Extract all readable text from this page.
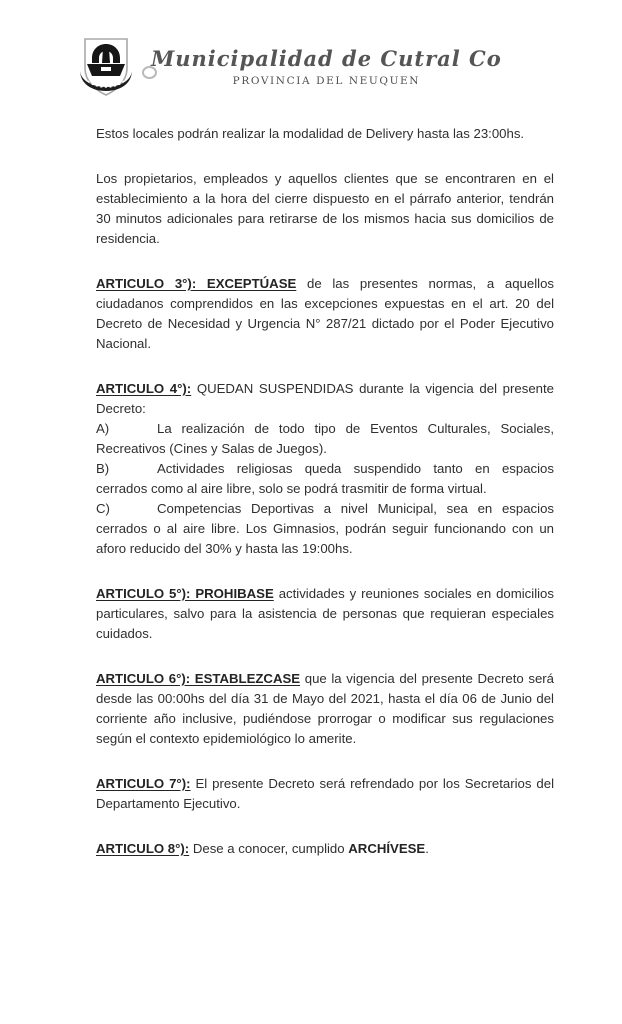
Municipalidad de Cutral Co
PROVINCIA DEL NEUQUEN

Estos locales podrán realizar la modalidad de Delivery hasta las 23:00hs.

Los propietarios, empleados y aquellos clientes que se encontraren en el establecimiento a la hora del cierre dispuesto en el párrafo anterior, tendrán 30 minutos adicionales para retirarse de los mismos hacia sus domicilios de residencia.

ARTICULO 3°): EXCEPTÚASE de las presentes normas, a aquellos ciudadanos comprendidos en las excepciones expuestas en el art. 20 del Decreto de Necesidad y Urgencia N° 287/21 dictado por el Poder Ejecutivo Nacional.

ARTICULO 4°): QUEDAN SUSPENDIDAS durante la vigencia del presente Decreto:

A)	La realización de todo tipo de Eventos Culturales, Sociales, Recreativos (Cines y Salas de Juegos).

B)	Actividades religiosas queda suspendido tanto en espacios cerrados como al aire libre, solo se podrá trasmitir de forma virtual.

C)	Competencias Deportivas a nivel Municipal, sea en espacios cerrados o al aire libre. Los Gimnasios, podrán seguir funcionando con un aforo reducido del 30% y hasta las 19:00hs.

ARTICULO 5°): PROHIBASE actividades y reuniones sociales en domicilios particulares, salvo para la asistencia de personas que requieran especiales cuidados.

ARTICULO 6°): ESTABLEZCASE que la vigencia del presente Decreto será desde las 00:00hs del día 31 de Mayo del 2021, hasta el día 06 de Junio del corriente año inclusive, pudiéndose prorrogar o modificar sus regulaciones según el contexto epidemiológico lo amerite.

ARTICULO 7°): El presente Decreto será refrendado por los Secretarios del Departamento Ejecutivo.

ARTICULO 8°): Dese a conocer, cumplido ARCHÍVESE.
